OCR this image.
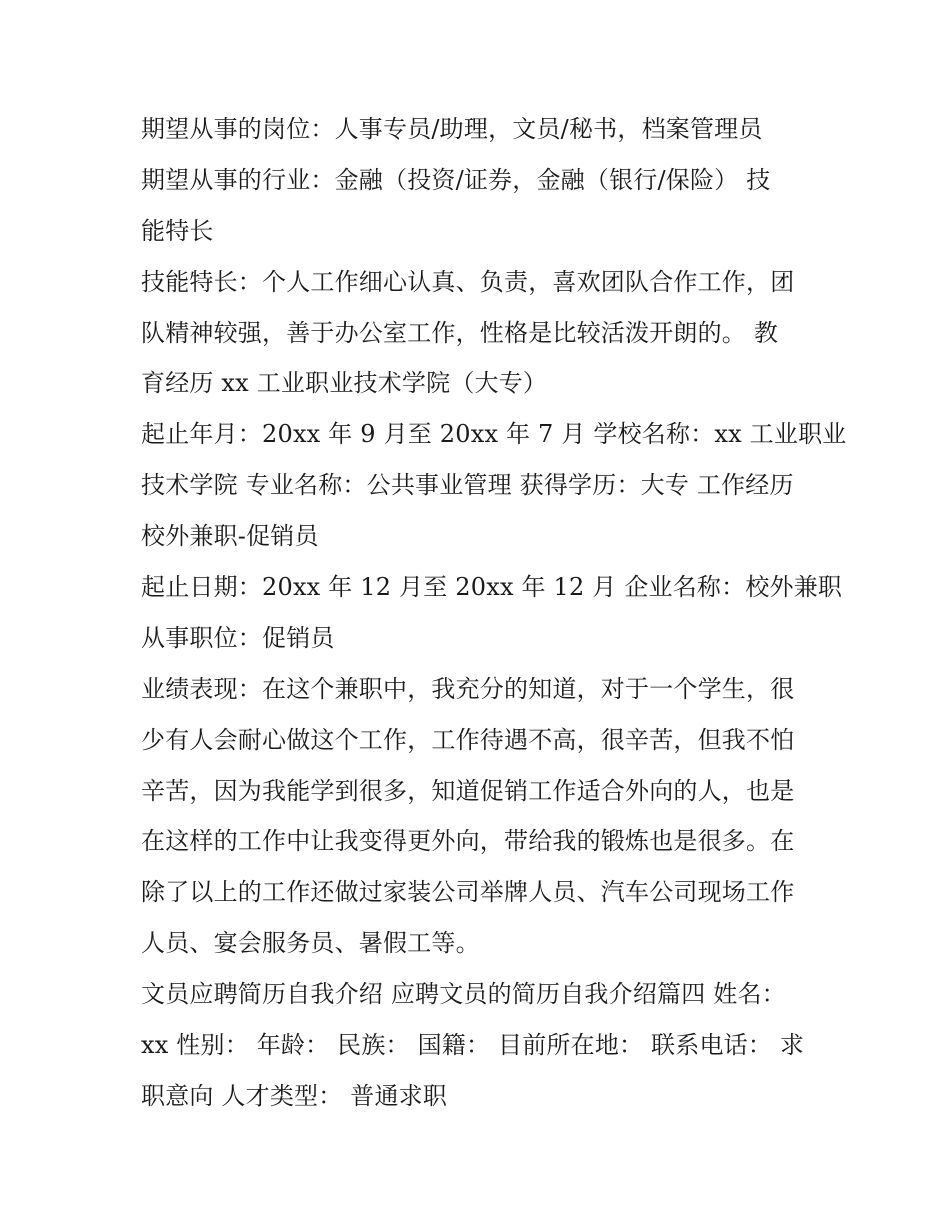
期望从事的岗位：人事专员/助理，文员/秘书，档案管理员
期望从事的行业：金融（投资/证券，金融（银行/保险） 技
能特长
技能特长：个人工作细心认真、负责，喜欢团队合作工作，团
队精神较强，善于办公室工作，性格是比较活泼开朗的。 教
育经历 xx 工业职业技术学院（大专）
起止年月：20xx 年 9 月至 20xx 年 7 月 学校名称：xx 工业职业
技术学院 专业名称：公共事业管理 获得学历：大专 工作经历
校外兼职-促销员
起止日期：20xx 年 12 月至 20xx 年 12 月 企业名称：校外兼职
从事职位：促销员
业绩表现：在这个兼职中，我充分的知道，对于一个学生，很
少有人会耐心做这个工作，工作待遇不高，很辛苦，但我不怕
辛苦，因为我能学到很多，知道促销工作适合外向的人，也是
在这样的工作中让我变得更外向，带给我的锻炼也是很多。在
除了以上的工作还做过家装公司举牌人员、汽车公司现场工作
人员、宴会服务员、暑假工等。
文员应聘简历自我介绍 应聘文员的简历自我介绍篇四 姓名：
xx 性别： 年龄： 民族： 国籍： 目前所在地： 联系电话： 求
职意向 人才类型： 普通求职
